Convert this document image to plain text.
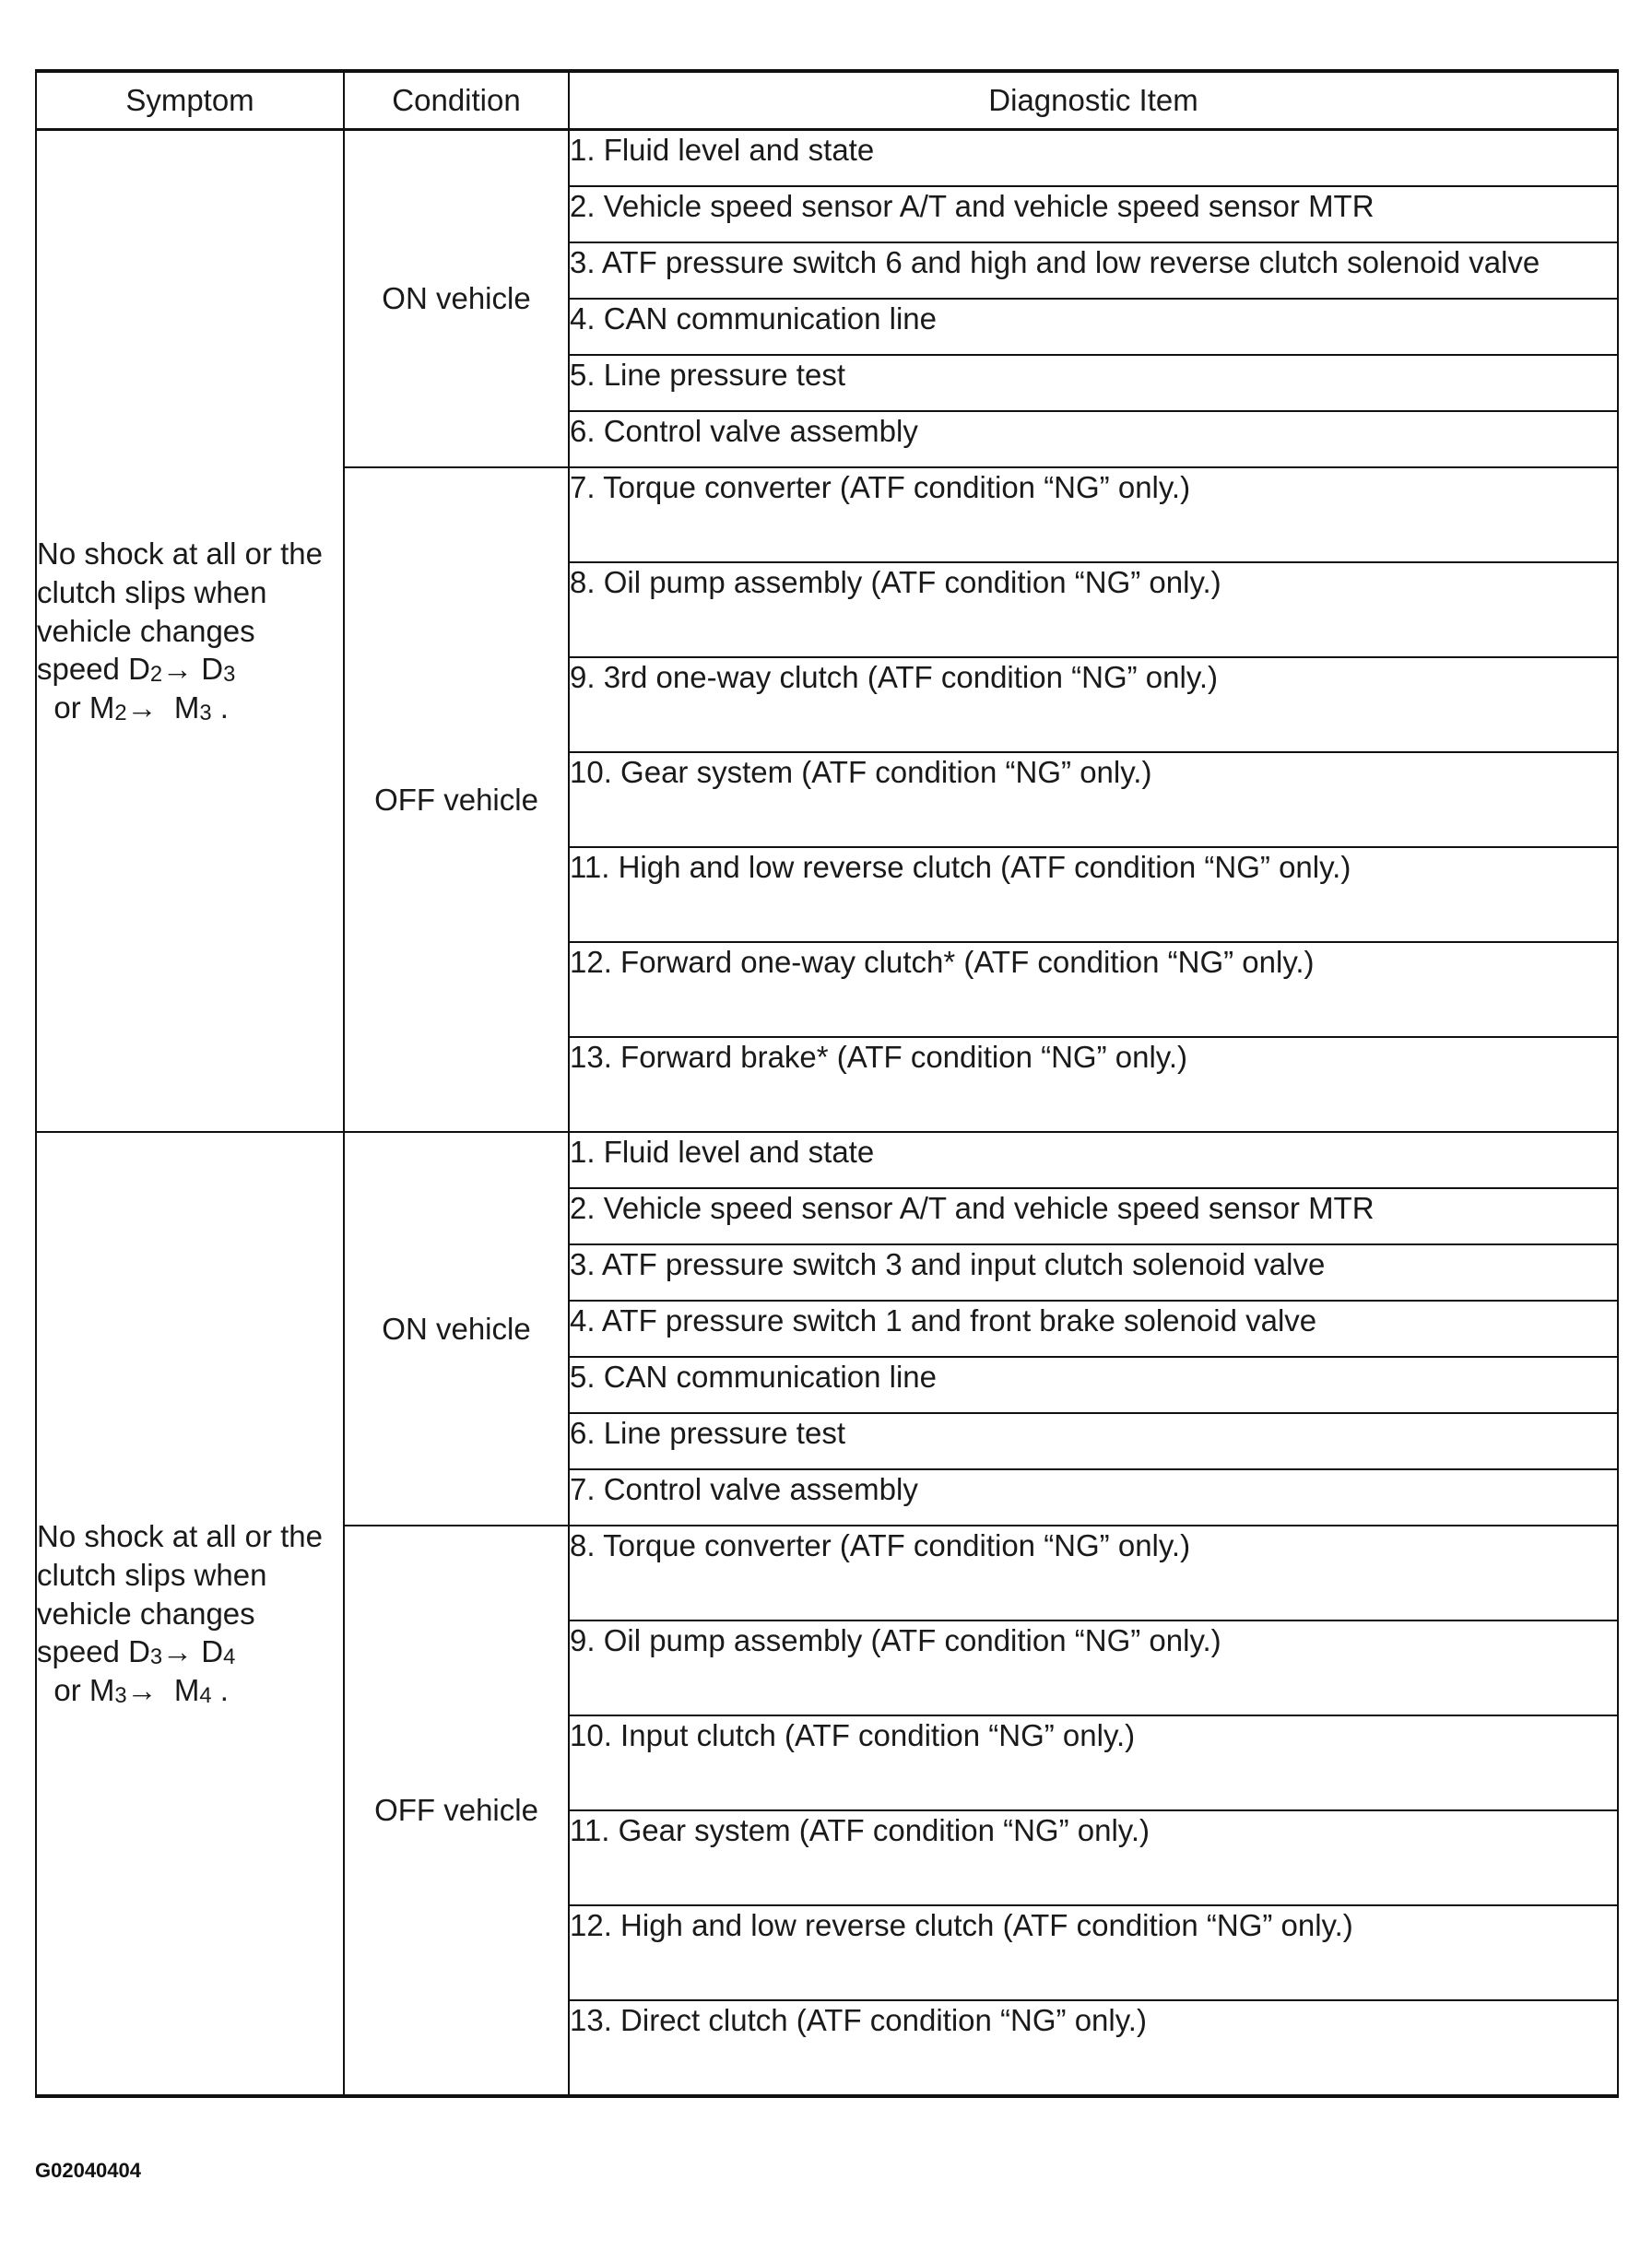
Symptom	Condition	Diagnostic Item
No shock at all or the clutch slips when vehicle changes speed $D_2\to D_3$  or $M_2\to M_3$ .	ON vehicle	1. Fluid level and state
		2. Vehicle speed sensor A/T and vehicle speed sensor MTR
		3. ATF pressure switch 6 and high and low reverse clutch solenoid valve
		4. CAN communication line
		5. Line pressure test
		6. Control valve assembly
	OFF vehicle	7. Torque converter (ATF condition “NG” only.)
		8. Oil pump assembly (ATF condition “NG” only.)
		9. 3rd one-way clutch (ATF condition “NG” only.)
		10. Gear system (ATF condition “NG” only.)
		11. High and low reverse clutch (ATF condition “NG” only.)
		12. Forward one-way clutch* (ATF condition “NG” only.)
		13. Forward brake* (ATF condition “NG” only.)
No shock at all or the clutch slips when vehicle changes speed $D_3\to D_4$  or $M_3\to M_4$ .	ON vehicle	1. Fluid level and state
		2. Vehicle speed sensor A/T and vehicle speed sensor MTR
		3. ATF pressure switch 3 and input clutch solenoid valve
		4. ATF pressure switch 1 and front brake solenoid valve
		5. CAN communication line
		6. Line pressure test
		7. Control valve assembly
	OFF vehicle	8. Torque converter (ATF condition “NG” only.)
		9. Oil pump assembly (ATF condition “NG” only.)
		10. Input clutch (ATF condition “NG” only.)
		11. Gear system (ATF condition “NG” only.)
		12. High and low reverse clutch (ATF condition “NG” only.)
		13. Direct clutch (ATF condition “NG” only.)
G02040404
